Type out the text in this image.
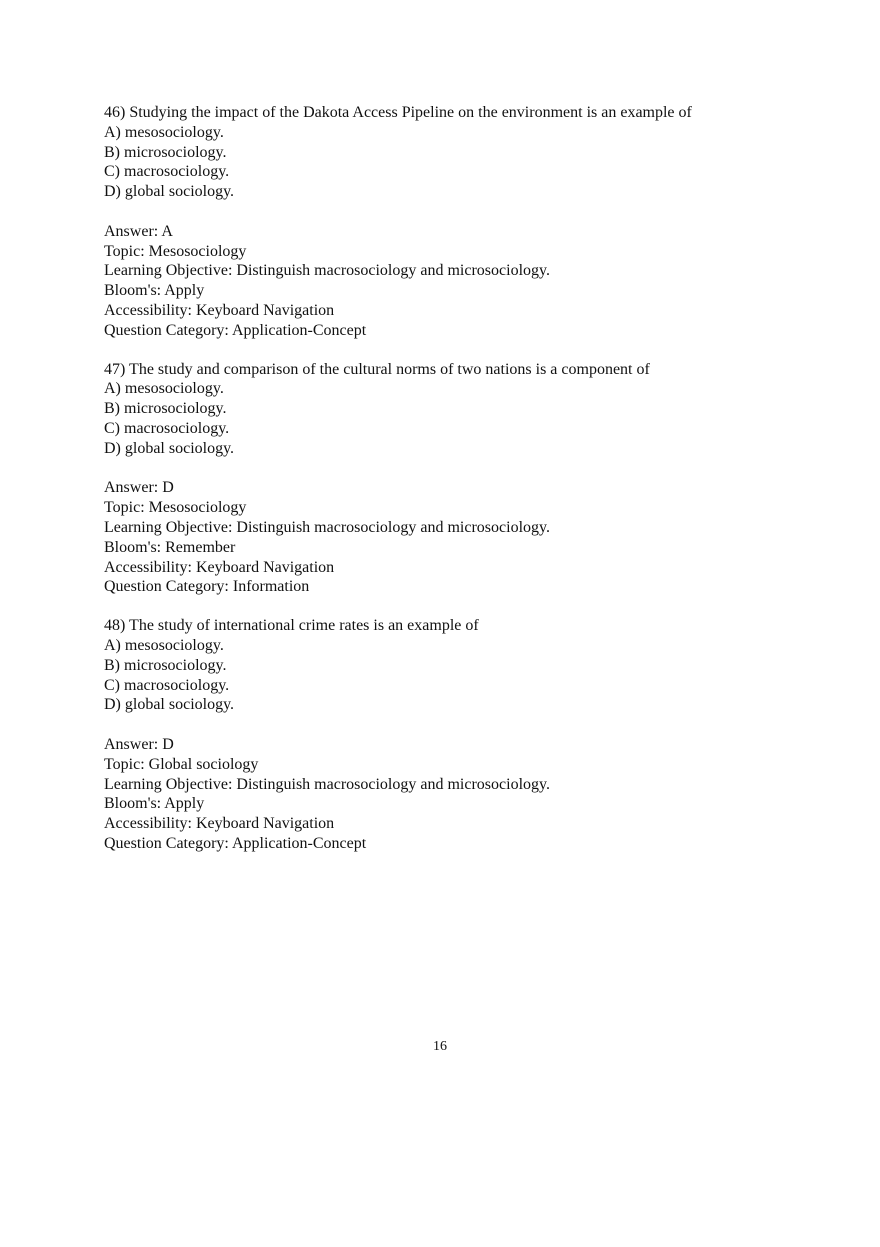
46) Studying the impact of the Dakota Access Pipeline on the environment is an example of

A) mesosociology.

B) microsociology.

C) macrosociology.

D) global sociology.

Answer: A

Topic: Mesosociology

Learning Objective: Distinguish macrosociology and microsociology.

Bloom's: Apply

Accessibility: Keyboard Navigation

Question Category: Application-Concept

47) The study and comparison of the cultural norms of two nations is a component of

A) mesosociology.

B) microsociology.

C) macrosociology.

D) global sociology.

Answer: D

Topic: Mesosociology

Learning Objective: Distinguish macrosociology and microsociology.

Bloom's: Remember

Accessibility: Keyboard Navigation

Question Category: Information

48) The study of international crime rates is an example of

A) mesosociology.

B) microsociology.

C) macrosociology.

D) global sociology.

Answer: D

Topic: Global sociology

Learning Objective: Distinguish macrosociology and microsociology.

Bloom's: Apply

Accessibility: Keyboard Navigation

Question Category: Application-Concept

16
